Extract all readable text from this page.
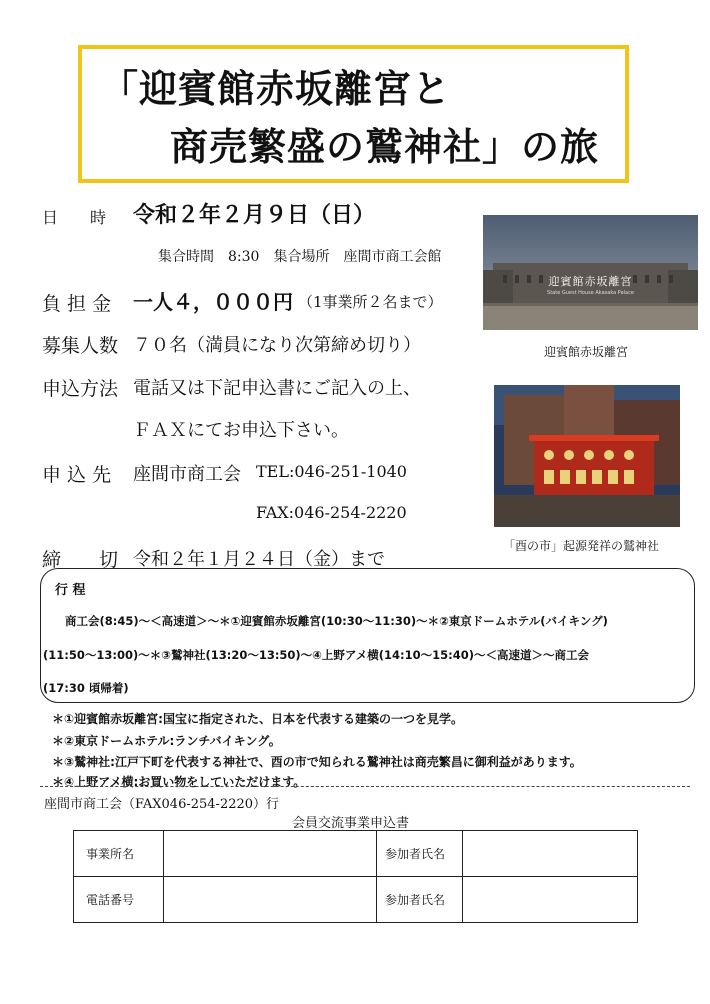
「迎賓館赤坂離宮と
商売繁盛の鷲神社」の旅
日　　時 令和２年２月９日（日）
集合時間　8:30　集合場所　座間市商工会館
負 担 金 一人４，０００円 （1事業所２名まで）
募集人数 ７０名（満員になり次第締め切り）
申込方法 電話又は下記申込書にご記入の上、
ＦＡＸにてお申込下さい。
申 込 先 座間市商工会 TEL:046-251-1040
FAX:046-254-2220
締　　切 令和２年１月２４日（金）まで
迎賓館赤坂離宮
State Guest House Akasaka Palace
迎賓館赤坂離宮
「酉の市」起源発祥の鷲神社
行 程
商工会(8:45)～＜高速道＞～＊①迎賓館赤坂離宮(10:30～11:30)～＊②東京ドームホテル(バイキング)
(11:50～13:00)～＊③鷲神社(13:20～13:50)～④上野アメ横(14:10～15:40)～＜高速道＞～商工会
(17:30 頃帰着)
＊①迎賓館赤坂離宮:国宝に指定された、日本を代表する建築の一つを見学。
＊②東京ドームホテル:ランチバイキング。
＊③鷲神社:江戸下町を代表する神社で、酉の市で知られる鷲神社は商売繁昌に御利益があります。
＊④上野アメ横:お買い物をしていただけます。
座間市商工会（FAX046-254-2220）行
会員交流事業申込書
事業所名		参加者氏名	
電話番号		参加者氏名	
